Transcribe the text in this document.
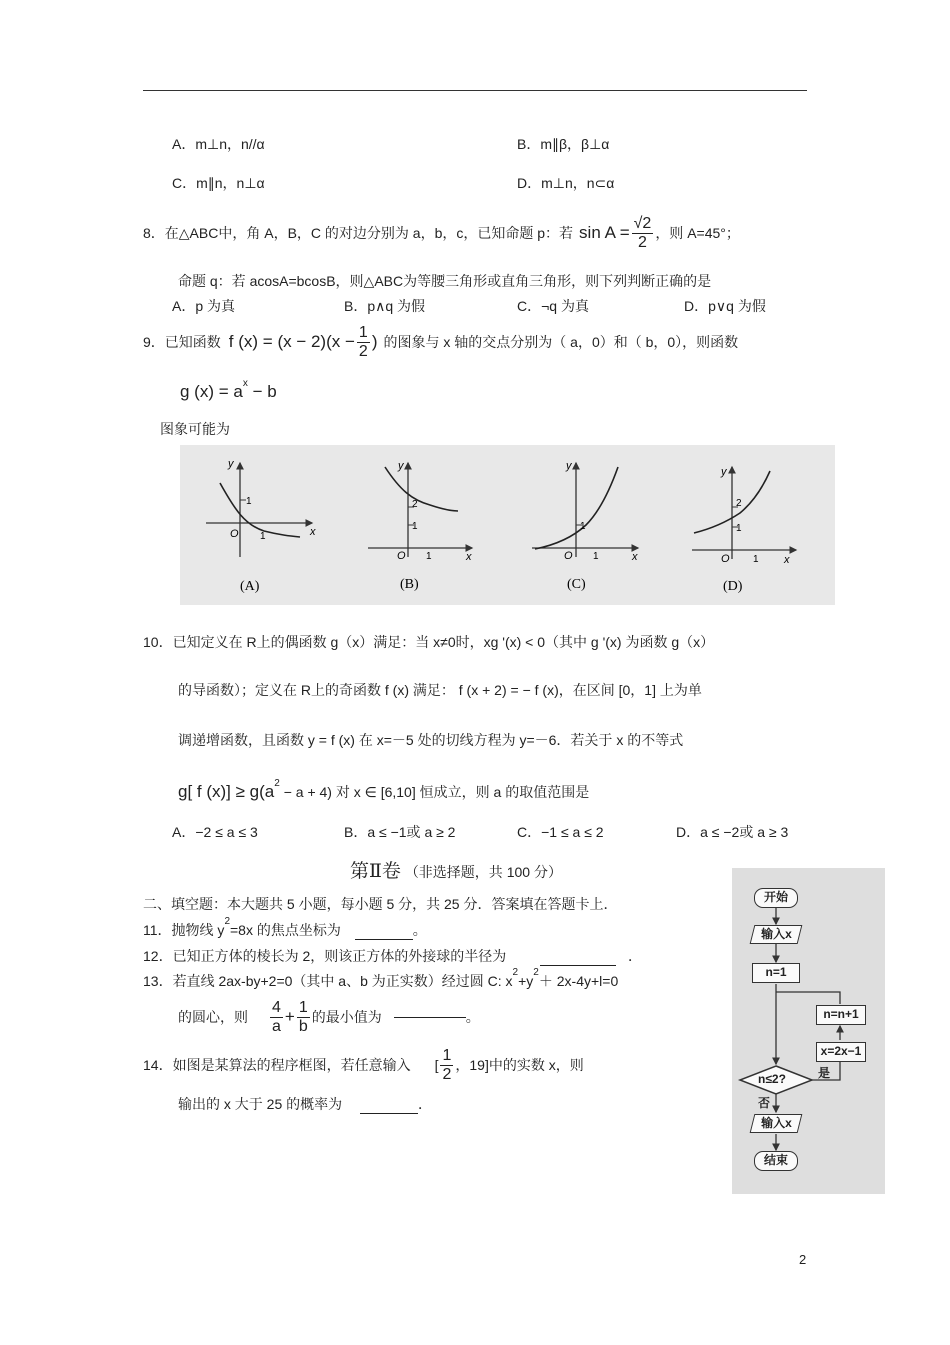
A．m⊥n，n//α	B．m∥β，β⊥α
C．m∥n，n⊥α	D．m⊥n，n⊂α
8．在△ABC中，角 A，B，C 的对边分别为 a，b，c，已知命题 p：若 $\sin A = \frac{√2}{2}$ ，则 A=45°；
命题 q：若 acosA=bcosB，则△ABC为等腰三角形或直角三角形，则下列判断正确的是
A．p 为真	B．p∧q 为假	C．¬q 为真	D．p∨q 为假
9．已知函数 f $(x) = (x - 2)(x - \frac{1}{2}$ ) 的图象与 x 轴的交点分别为（ a，0）和（ b，0），则函数
g $(x) = a^x - b$
图象可能为
y
x
O
1
1
(A)
y
x
O
2
1
1
(B)
y
x
O
1
1
(C)
y
x
O
2
1
1
(D)
10．已知定义在 R上的偶函数 g（x）满足：当 x≠0时，xg '(x) < 0（其中 g '(x) 为函数 g（x）
的导函数）；定义在 R上的奇函数 f (x) 满足： f (x + 2) = − f (x)，在区间 [0，1] 上为单
调递增函数，且函数 y = f (x) 在 x=－5 处的切线方程为 y=－6．若关于 x 的不等式
g[ f $(x)] \ge g(a^2 - a + 4)$ 对 x ∈ [6,10] 恒成立，则 a 的取值范围是
A．−2 ≤ a ≤ 3	B．a ≤ −1或 a ≥ 2	C．−1 ≤ a ≤ 2	D．a ≤ −2或 a ≥ 3
第Ⅱ卷 （非选择题，共 100 分）
二、填空题：本大题共 5 小题，每小题 5 分，共 25 分．答案填在答题卡上．
11．抛物线 $y^2=8x$ 的焦点坐标为	。
12．已知正方体的棱长为 2，则该正方体的外接球的半径为	．
13．若直线 2ax-by+2=0（其中 a、b 为正实数）经过圆 C: $x^2+y^2+ 2x-4y+l=0$
的圆心，则 $\frac{4}{a} + \frac{1}{b}$ 的最小值为	。
14．如图是某算法的程序框图，若任意输入 [ $\frac{1}{2}$ ，19]中的实数 x，则
输出的 x 大于 25 的概率为	．
开始
输入x
n=1
n=n+1
x=2x−1
n≤2?	是
否
输入x
结束
2
